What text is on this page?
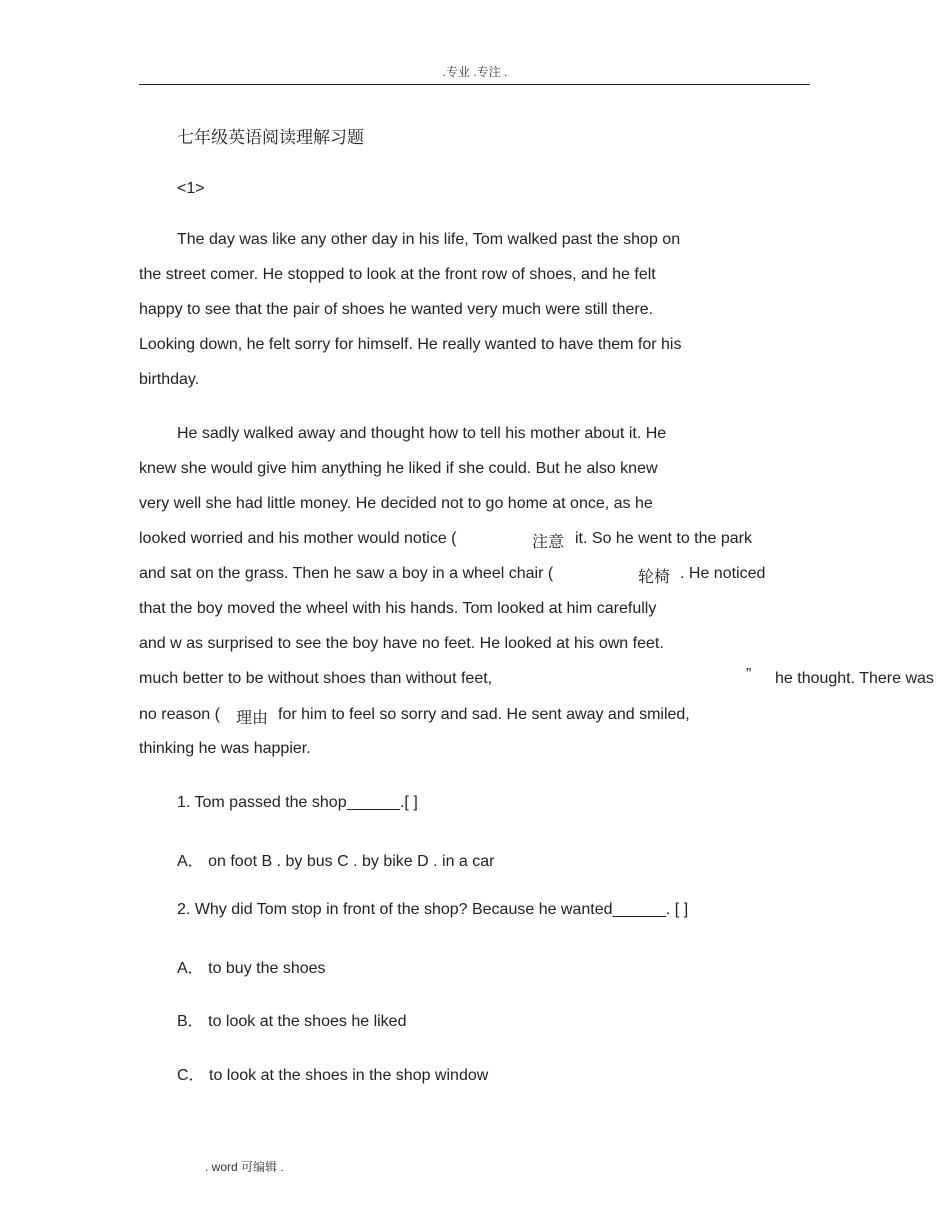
.专业 .专注 .
七年级英语阅读理解习题
<1>
The day was like any other day in his life, Tom walked past the shop on
the street comer. He stopped to look at the front row of shoes, and he felt
happy to see that the pair of shoes he wanted very much were still there.
Looking down, he felt sorry for himself. He really wanted to have them for his
birthday.
He sadly walked away and thought how to tell his mother about it. He
knew she would give him anything he liked if she could. But he also knew
very well she had little money. He decided not to go home at once, as he
looked worried and his mother would notice (	注意 it. So he went to the park
and sat on the grass. Then he saw a boy in a wheel chair (	轮椅 . He noticed
that the boy moved the wheel with his hands. Tom looked at him carefully
and w as surprised to see the boy have no feet. He looked at his own feet.
much better to be without shoes than without feet,	” he thought. There was
no reason ( 理由 for him to feel so sorry and sad. He sent away and smiled,
thinking he was happier.
1. Tom passed the shop______.[ ]
A． on foot B . by bus C . by bike D . in a car
2. Why did Tom stop in front of the shop? Because he wanted______. [ ]
A． to buy the shoes
B． to look at the shoes he liked
C． to look at the shoes in the shop window
. word 可编辑 .
